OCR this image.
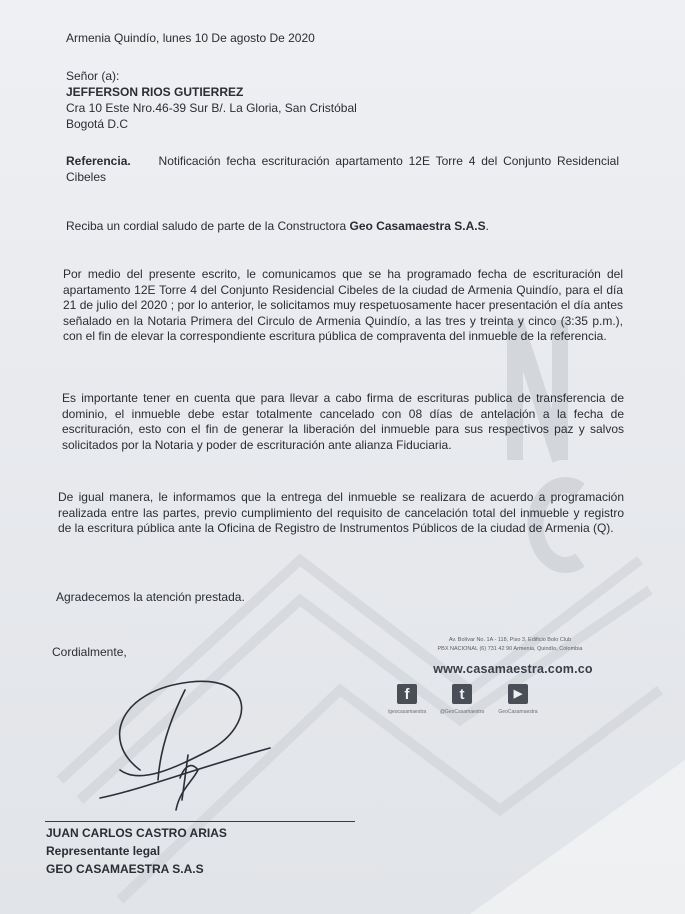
Armenia Quindío, lunes 10 De agosto De 2020
Señor (a):
JEFFERSON RIOS GUTIERREZ
Cra 10 Este Nro.46-39 Sur B/. La Gloria, San Cristóbal
Bogotá D.C
Referencia. Notificación fecha escrituración apartamento 12E Torre 4 del Conjunto Residencial Cibeles
Reciba un cordial saludo de parte de la Constructora Geo Casamaestra S.A.S.
Por medio del presente escrito, le comunicamos que se ha programado fecha de escrituración del apartamento 12E Torre 4 del Conjunto Residencial Cibeles de la ciudad de Armenia Quindío, para el día 21 de julio del 2020 ; por lo anterior, le solicitamos muy respetuosamente hacer presentación el día antes señalado en la Notaria Primera del Circulo de Armenia Quindío, a las tres y treinta y cinco (3:35 p.m.), con el fin de elevar la correspondiente escritura pública de compraventa del inmueble de la referencia.
Es importante tener en cuenta que para llevar a cabo firma de escrituras publica de transferencia de dominio, el inmueble debe estar totalmente cancelado con 08 días de antelación a la fecha de escrituración, esto con el fin de generar la liberación del inmueble para sus respectivos paz y salvos solicitados por la Notaria y poder de escrituración ante alianza Fiduciaria.
De igual manera, le informamos que la entrega del inmueble se realizara de acuerdo a programación realizada entre las partes, previo cumplimiento del requisito de cancelación total del inmueble y registro de la escritura pública ante la Oficina de Registro de Instrumentos Públicos de la ciudad de Armenia (Q).
Agradecemos la atención prestada.
Cordialmente,
JUAN CARLOS CASTRO ARIAS
Representante legal
GEO CASAMAESTRA S.A.S
Av. Bolívar No. 1A - 118, Piso 3, Edificio Bolo Club
PBX NACIONAL (6) 731 42 90 Armenia, Quindío, Colombia
www.casamaestra.com.co
f
/geocasamaestra
t
@GeoCasamaestra
▶
GeoCasamaestra
